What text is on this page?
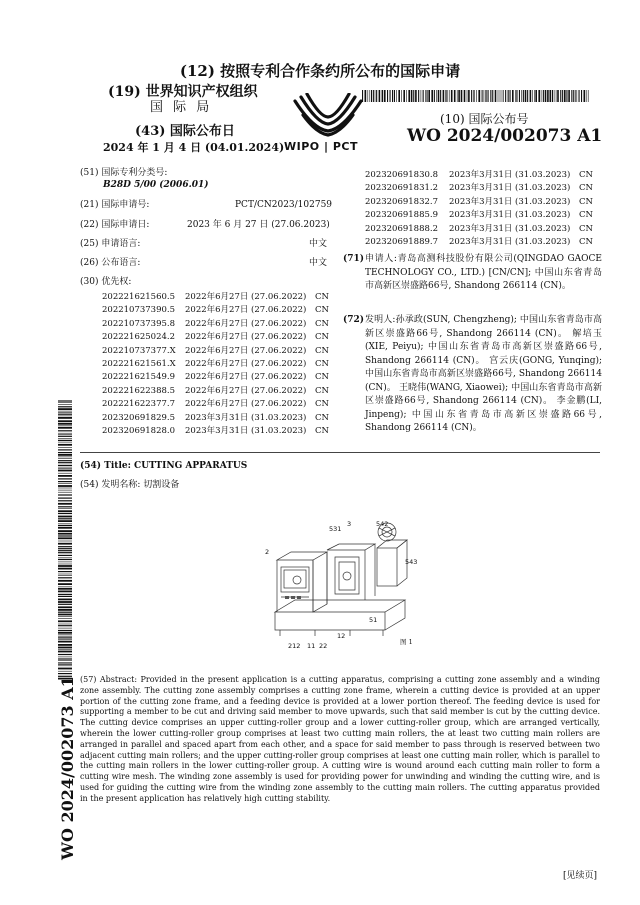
(12) 按照专利合作条约所公布的国际申请
(19) 世界知识产权组织
国 际 局
(43) 国际公布日
2024 年 1 月 4 日 (04.01.2024)
(10) 国际公布号
WO 2024/002073 A1
WIPO | PCT
(51) 国际专利分类号:
B28D 5/00 (2006.01)
(21) 国际申请号:	PCT/CN2023/102759
(22) 国际申请日:	2023 年 6 月 27 日 (27.06.2023)
(25) 申请语言:	中文
(26) 公布语言:	中文
(30) 优先权:
202221621560.5 2022年6月27日 (27.06.2022) CN
202210737390.5 2022年6月27日 (27.06.2022) CN
202210737395.8 2022年6月27日 (27.06.2022) CN
202221625024.2 2022年6月27日 (27.06.2022) CN
202210737377.X 2022年6月27日 (27.06.2022) CN
202221621561.X 2022年6月27日 (27.06.2022) CN
202221621549.9 2022年6月27日 (27.06.2022) CN
202221622388.5 2022年6月27日 (27.06.2022) CN
202221622377.7 2022年6月27日 (27.06.2022) CN
202320691829.5 2023年3月31日 (31.03.2023) CN
202320691828.0 2023年3月31日 (31.03.2023) CN
202320691830.8 2023年3月31日 (31.03.2023) CN
202320691831.2 2023年3月31日 (31.03.2023) CN
202320691832.7 2023年3月31日 (31.03.2023) CN
202320691885.9 2023年3月31日 (31.03.2023) CN
202320691888.2 2023年3月31日 (31.03.2023) CN
202320691889.7 2023年3月31日 (31.03.2023) CN
(71) 申请人:青岛高测科技股份有限公司(QINGDAO GAOCE TECHNOLOGY CO., LTD.) [CN/CN]; 中国山东省青岛市高新区崇盛路66号, Shandong 266114 (CN)。
(72) 发明人:孙承政(SUN, Chengzheng); 中国山东省青岛市高新区崇盛路66号, Shandong 266114 (CN)。 解培玉(XIE, Peiyu); 中国山东省青岛市高新区崇盛路66号, Shandong 266114 (CN)。 宫云庆(GONG, Yunqing); 中国山东省青岛市高新区崇盛路66号, Shandong 266114 (CN)。 王晓伟(WANG, Xiaowei); 中国山东省青岛市高新区崇盛路66号, Shandong 266114 (CN)。 李金鹏(LI, Jinpeng); 中国山东省青岛市高新区崇盛路66号, Shandong 266114 (CN)。
(54) Title: CUTTING APPARATUS
(54) 发明名称: 切割设备
531
3	542
2
543
51
212 11 22
12
图 1
(57) Abstract: Provided in the present application is a cutting apparatus, comprising a cutting zone assembly and a winding zone assembly. The cutting zone assembly comprises a cutting zone frame, wherein a cutting device is provided at an upper portion of the cutting zone frame, and a feeding device is provided at a lower portion thereof. The feeding device is used for supporting a member to be cut and driving said member to move upwards, such that said member is cut by the cutting device. The cutting device comprises an upper cutting-roller group and a lower cutting-roller group, which are arranged vertically, wherein the lower cutting-roller group comprises at least two cutting main rollers, the at least two cutting main rollers are arranged in parallel and spaced apart from each other, and a space for said member to pass through is reserved between two adjacent cutting main rollers; and the upper cutting-roller group comprises at least one cutting main roller, which is parallel to the cutting main rollers in the lower cutting-roller group. A cutting wire is wound around each cutting main roller to form a cutting wire mesh. The winding zone assembly is used for providing power for unwinding and winding the cutting wire, and is used for guiding the cutting wire from the winding zone assembly to the cutting main rollers. The cutting apparatus provided in the present application has relatively high cutting stability.
WO 2024/002073 A1
[见续页]
